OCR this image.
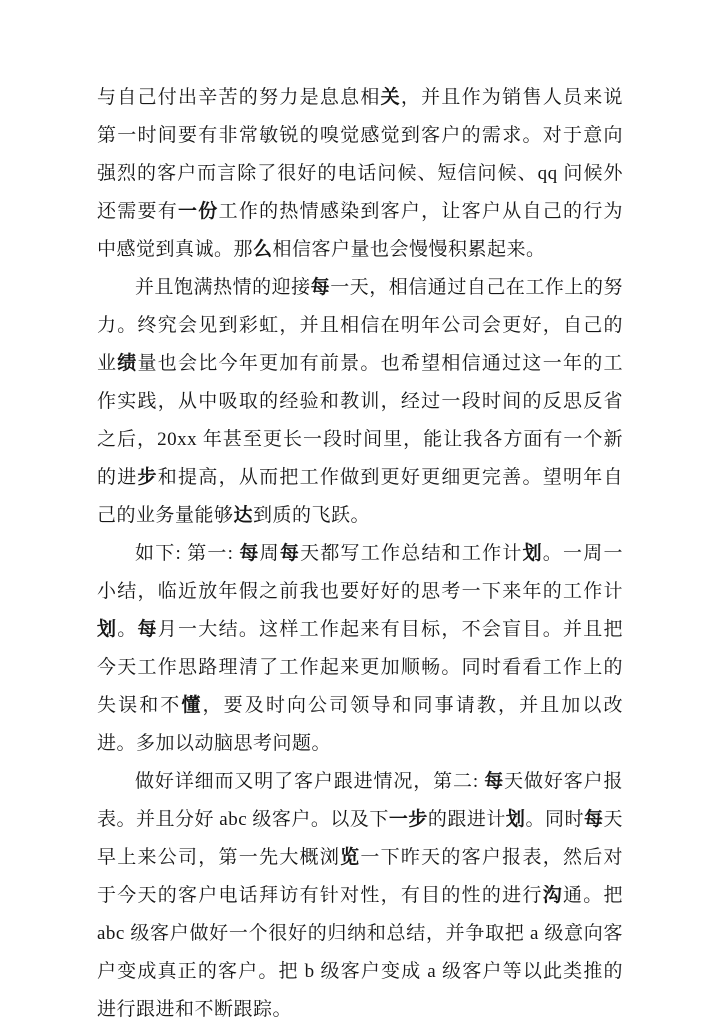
与自己付出辛苦的努力是息息相关，并且作为销售人员来说第一时间要有非常敏锐的嗅觉感觉到客户的需求。对于意向强烈的客户而言除了很好的电话问候、短信问候、qq 问候外还需要有一份工作的热情感染到客户，让客户从自己的行为中感觉到真诚。那么相信客户量也会慢慢积累起来。

并且饱满热情的迎接每一天，相信通过自己在工作上的努力。终究会见到彩虹，并且相信在明年公司会更好，自己的业绩量也会比今年更加有前景。也希望相信通过这一年的工作实践，从中吸取的经验和教训，经过一段时间的反思反省之后，20xx 年甚至更长一段时间里，能让我各方面有一个新的进步和提高，从而把工作做到更好更细更完善。望明年自己的业务量能够达到质的飞跃。

如下: 第一: 每周每天都写工作总结和工作计划。一周一小结，临近放年假之前我也要好好的思考一下来年的工作计划。每月一大结。这样工作起来有目标，不会盲目。并且把今天工作思路理清了工作起来更加顺畅。同时看看工作上的失误和不懂，要及时向公司领导和同事请教，并且加以改进。多加以动脑思考问题。

做好详细而又明了客户跟进情况，第二: 每天做好客户报表。并且分好 abc 级客户。以及下一步的跟进计划。同时每天早上来公司，第一先大概浏览一下昨天的客户报表，然后对于今天的客户电话拜访有针对性，有目的性的进行沟通。把 abc 级客户做好一个很好的归纳和总结，并争取把 a 级意向客户变成真正的客户。把 b 级客户变成 a 级客户等以此类推的进行跟进和不断跟踪。
